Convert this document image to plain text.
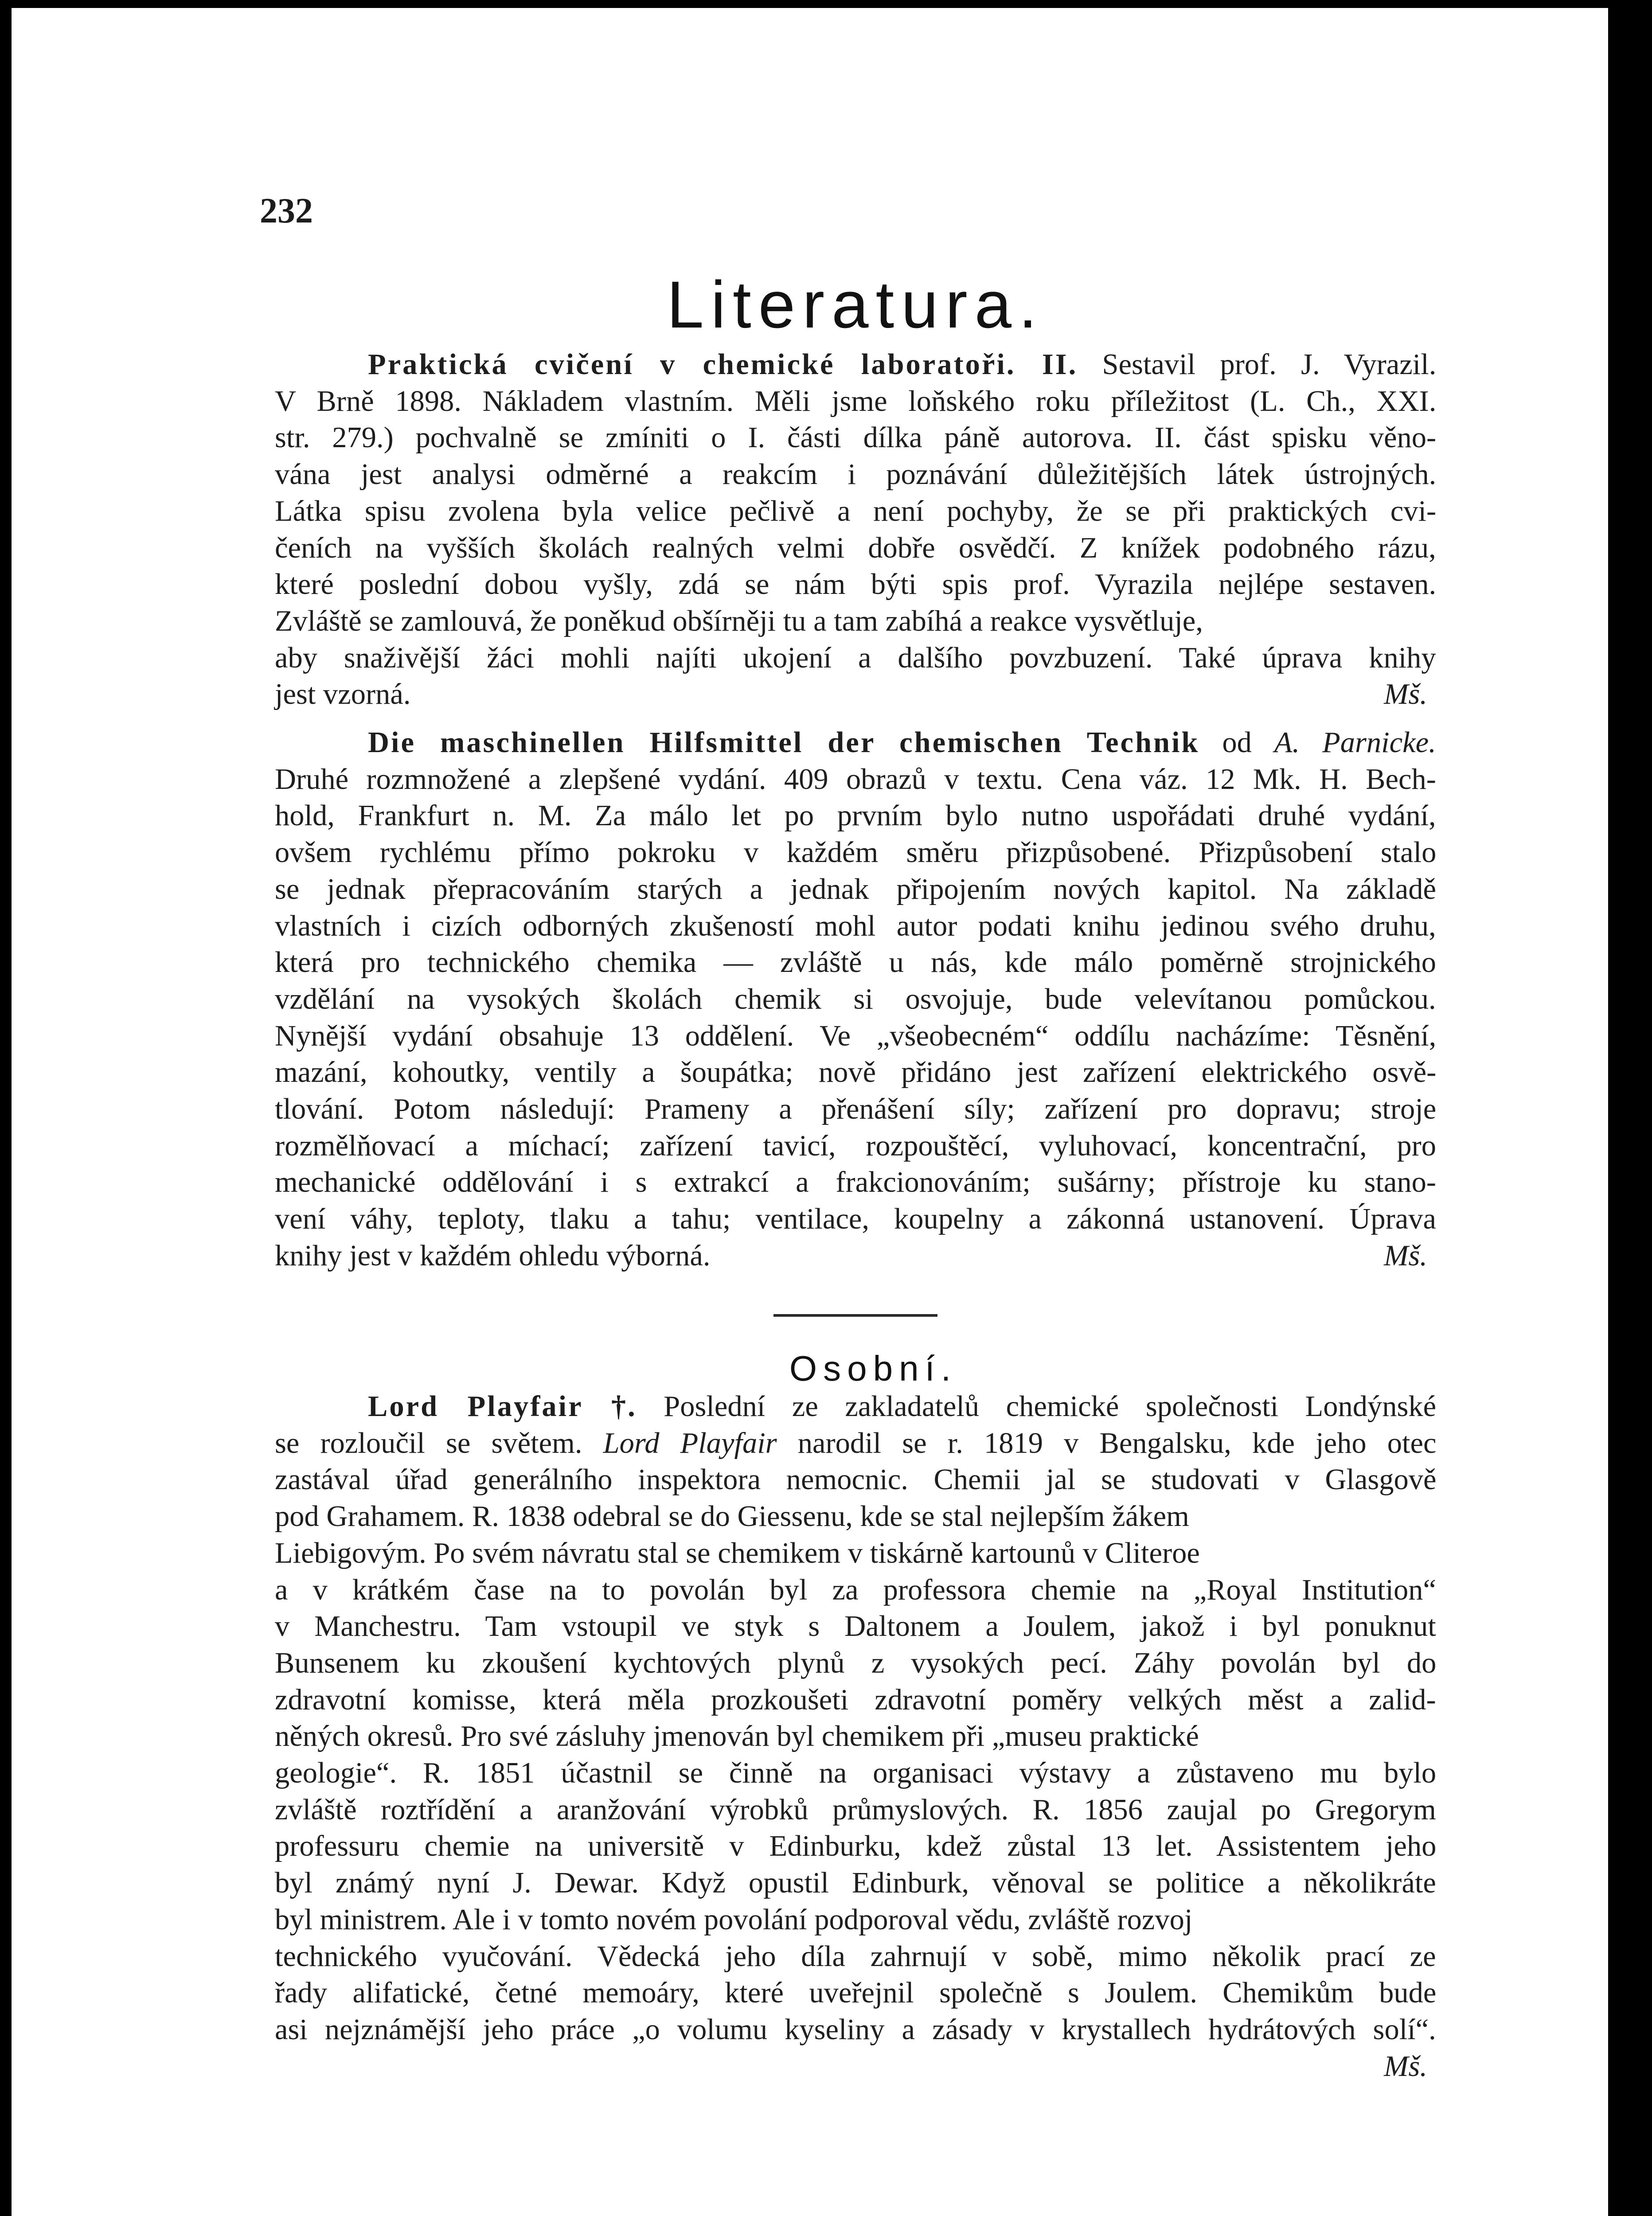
232
Literatura.
Praktická cvičení v chemické laboratoři. II. Sestavil prof. J. Vyrazil.
V Brně 1898. Nákladem vlastním. Měli jsme loňského roku příležitost (L. Ch., XXI.
str. 279.) pochvalně se zmíniti o I. části dílka páně autorova. II. část spisku věno-
vána jest analysi odměrné a reakcím i poznávání důležitějších látek ústrojných.
Látka spisu zvolena byla velice pečlivě a není pochyby, že se při praktických cvi-
čeních na vyšších školách realných velmi dobře osvědčí. Z knížek podobného rázu,
které poslední dobou vyšly, zdá se nám býti spis prof. Vyrazila nejlépe sestaven.
Zvláště se zamlouvá, že poněkud obšírněji tu a tam zabíhá a reakce vysvětluje,
aby snaživější žáci mohli najíti ukojení a dalšího povzbuzení. Také úprava knihy
jest vzorná.	Mš.
Die maschinellen Hilfsmittel der chemischen Technik od A. Parnicke.
Druhé rozmnožené a zlepšené vydání. 409 obrazů v textu. Cena váz. 12 Mk. H. Bech-
hold, Frankfurt n. M. Za málo let po prvním bylo nutno uspořádati druhé vydání,
ovšem rychlému přímo pokroku v každém směru přizpůsobené. Přizpůsobení stalo
se jednak přepracováním starých a jednak připojením nových kapitol. Na základě
vlastních i cizích odborných zkušeností mohl autor podati knihu jedinou svého druhu,
která pro technického chemika — zvláště u nás, kde málo poměrně strojnického
vzdělání na vysokých školách chemik si osvojuje, bude velevítanou pomůckou.
Nynější vydání obsahuje 13 oddělení. Ve „všeobecném“ oddílu nacházíme: Těsnění,
mazání, kohoutky, ventily a šoupátka; nově přidáno jest zařízení elektrického osvě-
tlování. Potom následují: Prameny a přenášení síly; zařízení pro dopravu; stroje
rozmělňovací a míchací; zařízení tavicí, rozpouštěcí, vyluhovací, koncentrační, pro
mechanické oddělování i s extrakcí a frakcionováním; sušárny; přístroje ku stano-
vení váhy, teploty, tlaku a tahu; ventilace, koupelny a zákonná ustanovení. Úprava
knihy jest v každém ohledu výborná.	Mš.
Osobní.
Lord Playfair †. Poslední ze zakladatelů chemické společnosti Londýnské
se rozloučil se světem. Lord Playfair narodil se r. 1819 v Bengalsku, kde jeho otec
zastával úřad generálního inspektora nemocnic. Chemii jal se studovati v Glasgově
pod Grahamem. R. 1838 odebral se do Giessenu, kde se stal nejlepším žákem
Liebigovým. Po svém návratu stal se chemikem v tiskárně kartounů v Cliteroe
a v krátkém čase na to povolán byl za professora chemie na „Royal Institution“
v Manchestru. Tam vstoupil ve styk s Daltonem a Joulem, jakož i byl ponuknut
Bunsenem ku zkoušení kychtových plynů z vysokých pecí. Záhy povolán byl do
zdravotní komisse, která měla prozkoušeti zdravotní poměry velkých měst a zalid-
něných okresů. Pro své zásluhy jmenován byl chemikem při „museu praktické
geologie“. R. 1851 účastnil se činně na organisaci výstavy a zůstaveno mu bylo
zvláště roztřídění a aranžování výrobků průmyslových. R. 1856 zaujal po Gregorym
professuru chemie na universitě v Edinburku, kdež zůstal 13 let. Assistentem jeho
byl známý nyní J. Dewar. Když opustil Edinburk, věnoval se politice a několikráte
byl ministrem. Ale i v tomto novém povolání podporoval vědu, zvláště rozvoj
technického vyučování. Vědecká jeho díla zahrnují v sobě, mimo několik prací ze
řady alifatické, četné memoáry, které uveřejnil společně s Joulem. Chemikům bude
asi nejznámější jeho práce „o volumu kyseliny a zásady v krystallech hydrátových solí“.
Mš.
